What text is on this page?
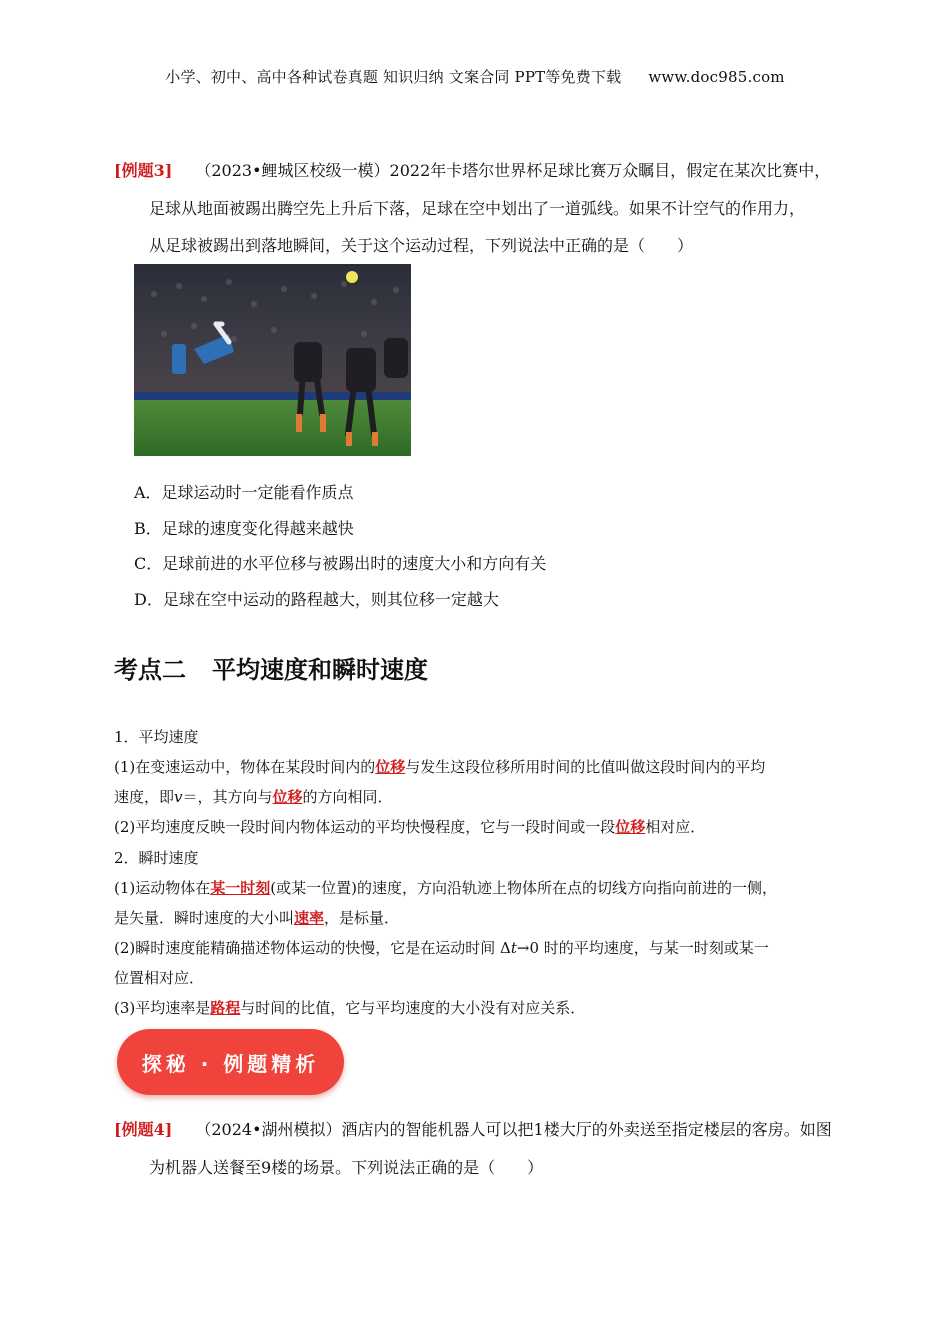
小学、初中、高中各种试卷真题 知识归纳 文案合同 PPT等免费下载 www.doc985.com
[例题3] （2023•鲤城区校级一模）2022年卡塔尔世界杯足球比赛万众瞩目，假定在某次比赛中，
足球从地面被踢出腾空先上升后下落，足球在空中划出了一道弧线。如果不计空气的作用力，
从足球被踢出到落地瞬间，关于这个运动过程，下列说法中正确的是（　　）
A．足球运动时一定能看作质点
B．足球的速度变化得越来越快
C．足球前进的水平位移与被踢出时的速度大小和方向有关
D．足球在空中运动的路程越大，则其位移一定越大
考点二 平均速度和瞬时速度
1．平均速度
(1)在变速运动中，物体在某段时间内的位移与发生这段位移所用时间的比值叫做这段时间内的平均
速度，即v＝，其方向与位移的方向相同．
(2)平均速度反映一段时间内物体运动的平均快慢程度，它与一段时间或一段位移相对应．
2．瞬时速度
(1)运动物体在某一时刻(或某一位置)的速度，方向沿轨迹上物体所在点的切线方向指向前进的一侧，
是矢量．瞬时速度的大小叫速率，是标量．
(2)瞬时速度能精确描述物体运动的快慢，它是在运动时间 Δt→0 时的平均速度，与某一时刻或某一
位置相对应．
(3)平均速率是路程与时间的比值，它与平均速度的大小没有对应关系．
探秘 · 例题精析
[例题4] （2024•湖州模拟）酒店内的智能机器人可以把1楼大厅的外卖送至指定楼层的客房。如图
为机器人送餐至9楼的场景。下列说法正确的是（　　）
